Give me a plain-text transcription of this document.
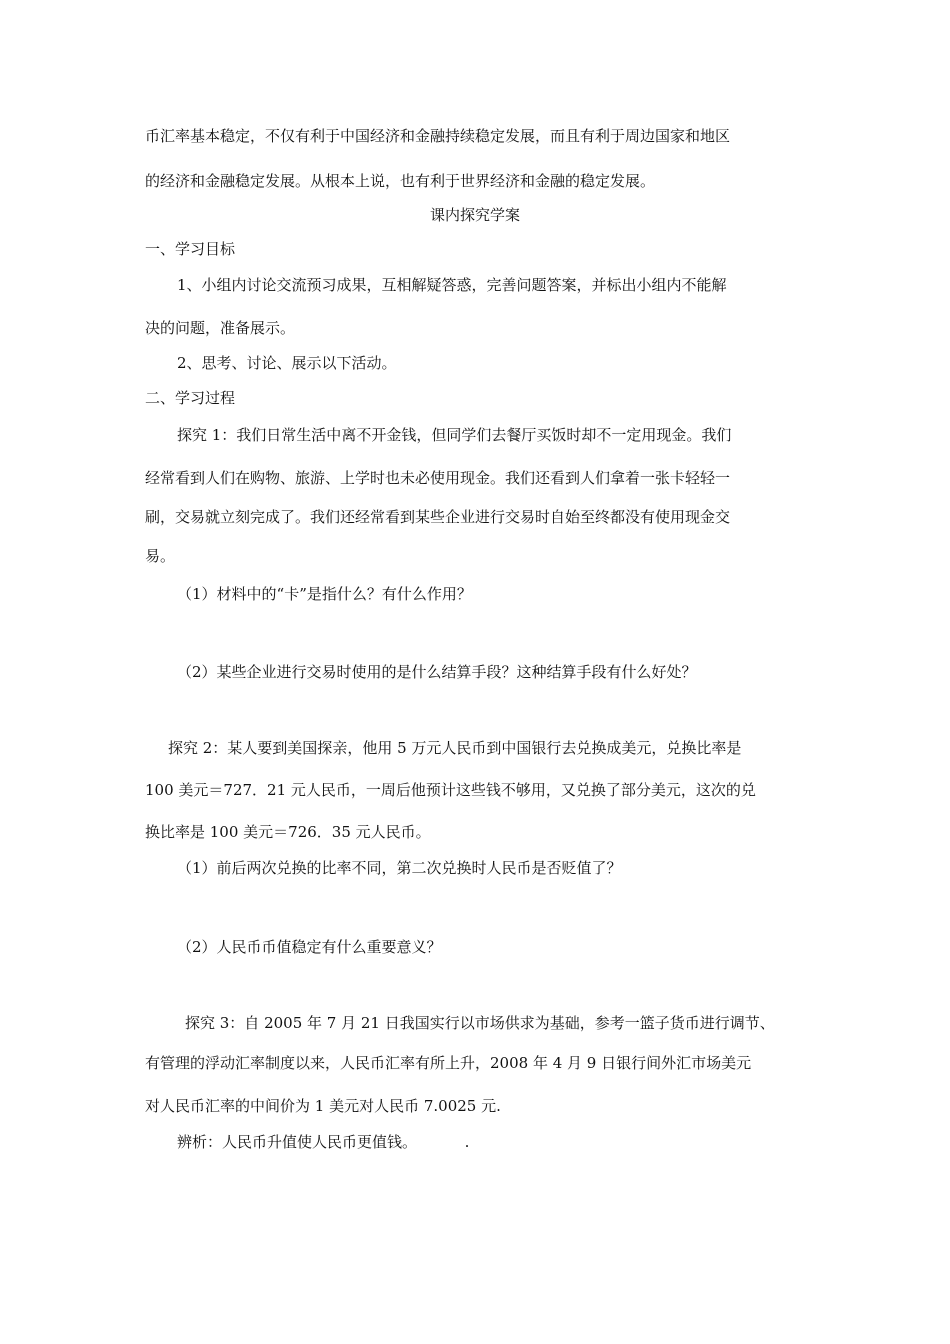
币汇率基本稳定，不仅有利于中国经济和金融持续稳定发展，而且有利于周边国家和地区
的经济和金融稳定发展。从根本上说，也有利于世界经济和金融的稳定发展。
课内探究学案
一、学习目标
1、小组内讨论交流预习成果，互相解疑答惑，完善问题答案，并标出小组内不能解
决的问题，准备展示。
2、思考、讨论、展示以下活动。
二、学习过程
探究 1：我们日常生活中离不开金钱，但同学们去餐厅买饭时却不一定用现金。我们
经常看到人们在购物、旅游、上学时也未必使用现金。我们还看到人们拿着一张卡轻轻一
刷，交易就立刻完成了。我们还经常看到某些企业进行交易时自始至终都没有使用现金交
易。
（1）材料中的“卡”是指什么？有什么作用？
（2）某些企业进行交易时使用的是什么结算手段？这种结算手段有什么好处？
探究 2：某人要到美国探亲，他用 5 万元人民币到中国银行去兑换成美元，兑换比率是
100 美元＝727．21 元人民币，一周后他预计这些钱不够用，又兑换了部分美元，这次的兑
换比率是 100 美元＝726．35 元人民币。
（1）前后两次兑换的比率不同，第二次兑换时人民币是否贬值了？
（2）人民币币值稳定有什么重要意义？
探究 3：自 2005 年 7 月 21 日我国实行以市场供求为基础，参考一篮子货币进行调节、
有管理的浮动汇率制度以来，人民币汇率有所上升，2008 年 4 月 9 日银行间外汇市场美元
对人民币汇率的中间价为 1 美元对人民币 7.0025 元.
辨析：人民币升值使人民币更值钱。          .
